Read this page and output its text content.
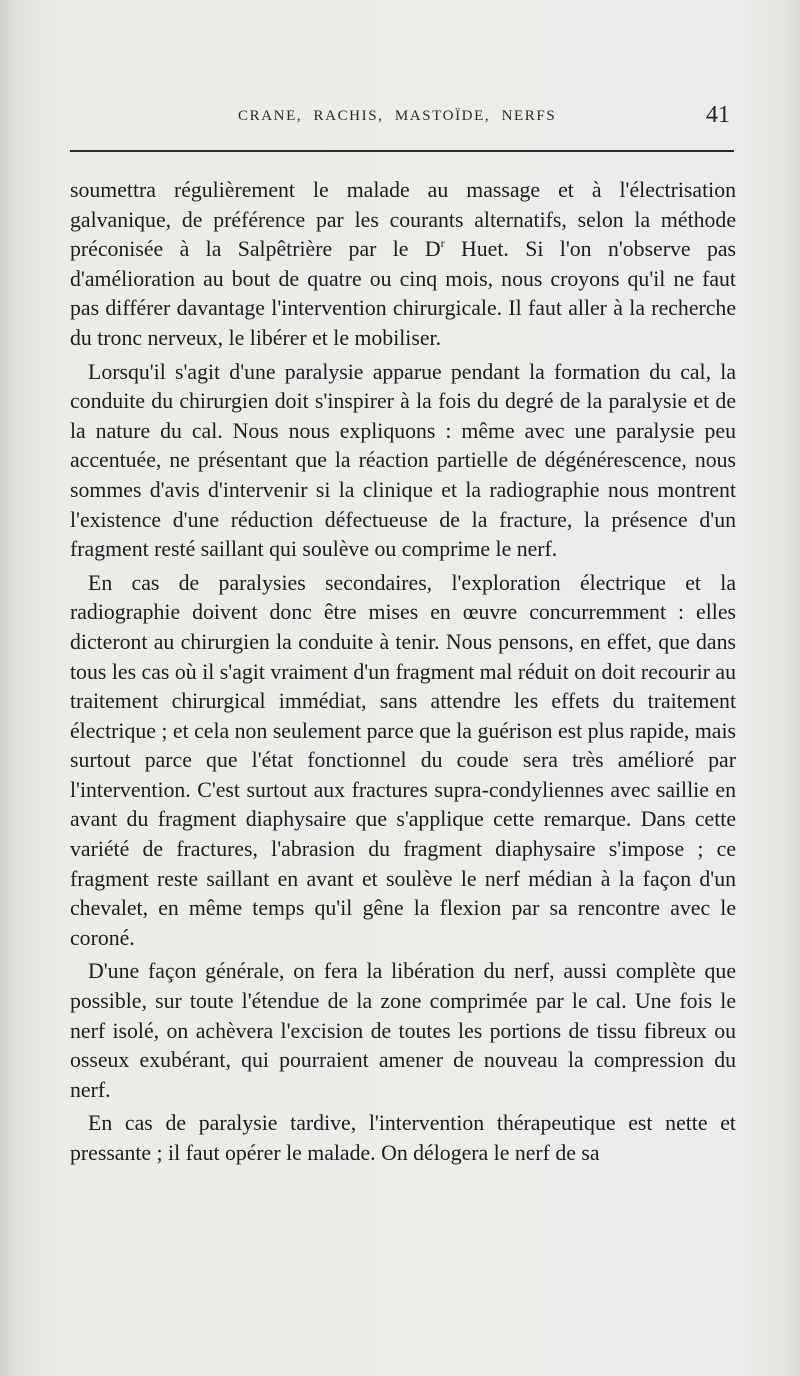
CRANE, RACHIS, MASTOÏDE, NERFS	41

soumettra régulièrement le malade au massage et à l'électrisation galvanique, de préférence par les courants alternatifs, selon la méthode préconisée à la Salpêtrière par le $D^r$ Huet. Si l'on n'observe pas d'amélioration au bout de quatre ou cinq mois, nous croyons qu'il ne faut pas différer davantage l'intervention chirurgicale. Il faut aller à la recherche du tronc nerveux, le libérer et le mobiliser.

Lorsqu'il s'agit d'une paralysie apparue pendant la formation du cal, la conduite du chirurgien doit s'inspirer à la fois du degré de la paralysie et de la nature du cal. Nous nous expliquons : même avec une paralysie peu accentuée, ne présentant que la réaction partielle de dégénérescence, nous sommes d'avis d'intervenir si la clinique et la radiographie nous montrent l'existence d'une réduction défectueuse de la fracture, la présence d'un fragment resté saillant qui soulève ou comprime le nerf.

En cas de paralysies secondaires, l'exploration électrique et la radiographie doivent donc être mises en œuvre concurremment : elles dicteront au chirurgien la conduite à tenir. Nous pensons, en effet, que dans tous les cas où il s'agit vraiment d'un fragment mal réduit on doit recourir au traitement chirurgical immédiat, sans attendre les effets du traitement électrique ; et cela non seulement parce que la guérison est plus rapide, mais surtout parce que l'état fonctionnel du coude sera très amélioré par l'intervention. C'est surtout aux fractures supra-condyliennes avec saillie en avant du fragment diaphysaire que s'applique cette remarque. Dans cette variété de fractures, l'abrasion du fragment diaphysaire s'impose ; ce fragment reste saillant en avant et soulève le nerf médian à la façon d'un chevalet, en même temps qu'il gêne la flexion par sa rencontre avec le coroné.

D'une façon générale, on fera la libération du nerf, aussi complète que possible, sur toute l'étendue de la zone comprimée par le cal. Une fois le nerf isolé, on achèvera l'excision de toutes les portions de tissu fibreux ou osseux exubérant, qui pourraient amener de nouveau la compression du nerf.

En cas de paralysie tardive, l'intervention thérapeutique est nette et pressante ; il faut opérer le malade. On délogera le nerf de sa
